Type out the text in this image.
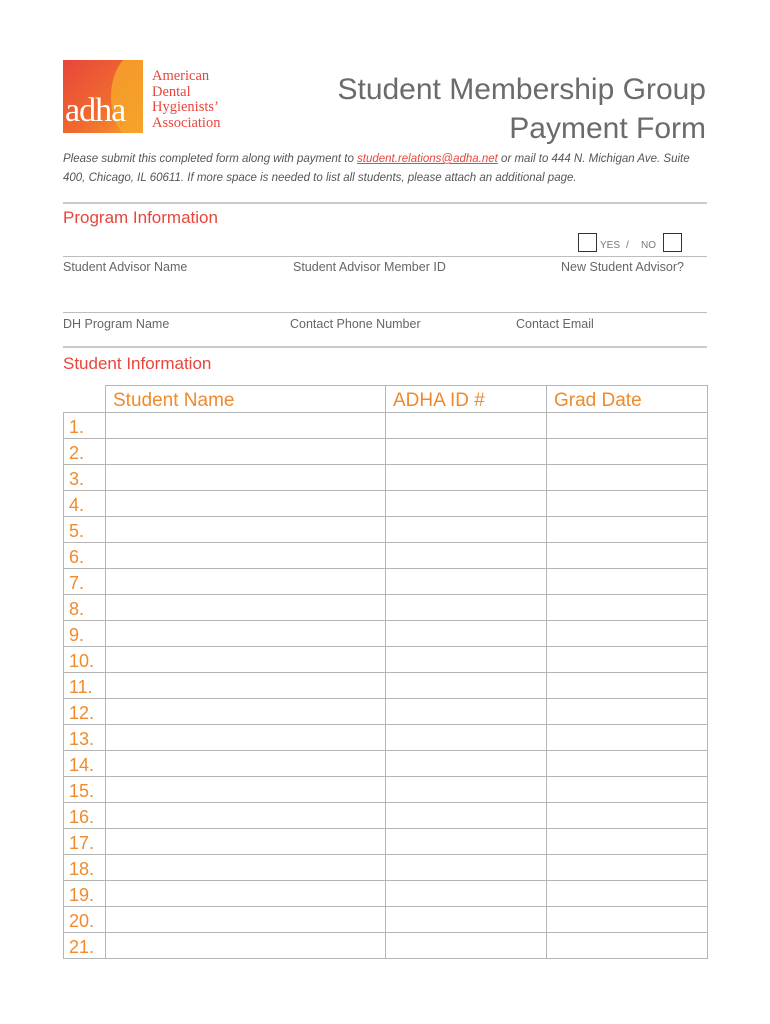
adha
American
Dental
Hygienists’
Association
Student Membership Group
Payment Form
Please submit this completed form along with payment to student.relations@adha.net or mail to 444 N. Michigan Ave. Suite 400, Chicago, IL 60611. If more space is needed to list all students, please attach an additional page.
Program Information
YES / NO
Student Advisor Name	Student Advisor Member ID	New Student Advisor?
DH Program Name	Contact Phone Number	Contact Email
Student Information
	Student Name	ADHA ID #	Grad Date
1.			
2.			
3.			
4.			
5.			
6.			
7.			
8.			
9.			
10.			
11.			
12.			
13.			
14.			
15.			
16.			
17.			
18.			
19.			
20.			
21.			
